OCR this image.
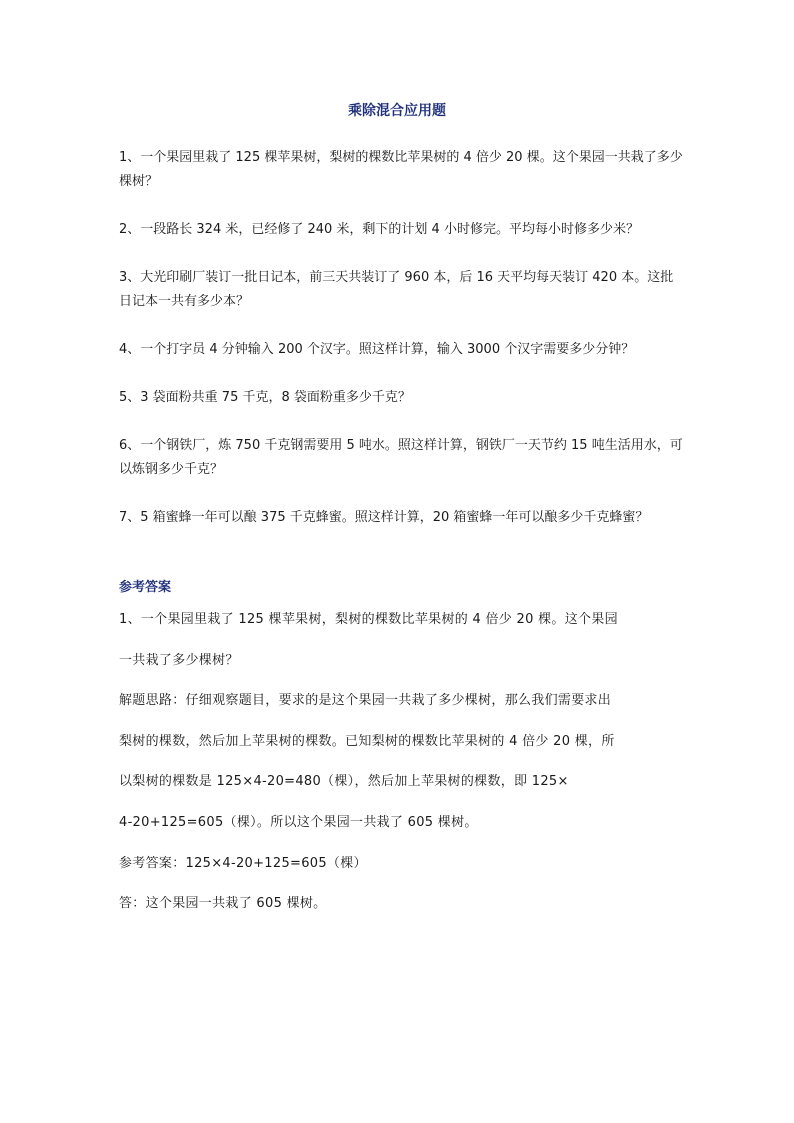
乘除混合应用题

1、一个果园里栽了 125 棵苹果树，梨树的棵数比苹果树的 4 倍少 20 棵。这个果园一共栽了多少棵树？

2、一段路长 324 米，已经修了 240 米，剩下的计划 4 小时修完。平均每小时修多少米？

3、大光印刷厂装订一批日记本，前三天共装订了 960 本，后 16 天平均每天装订 420 本。这批日记本一共有多少本？

4、一个打字员 4 分钟输入 200 个汉字。照这样计算，输入 3000 个汉字需要多少分钟？

5、3 袋面粉共重 75 千克，8 袋面粉重多少千克？

6、一个钢铁厂，炼 750 千克钢需要用 5 吨水。照这样计算，钢铁厂一天节约 15 吨生活用水，可以炼钢多少千克？

7、5 箱蜜蜂一年可以酿 375 千克蜂蜜。照这样计算，20 箱蜜蜂一年可以酿多少千克蜂蜜？

参考答案
1、一个果园里栽了 125 棵苹果树，梨树的棵数比苹果树的 4 倍少 20 棵。这个果园
一共栽了多少棵树？
解题思路：仔细观察题目，要求的是这个果园一共栽了多少棵树，那么我们需要求出
梨树的棵数，然后加上苹果树的棵数。已知梨树的棵数比苹果树的 4 倍少 20 棵，所
以梨树的棵数是 125×4-20=480（棵），然后加上苹果树的棵数，即 125×
4-20+125=605（棵）。所以这个果园一共栽了 605 棵树。
参考答案：125×4-20+125=605（棵）
答：这个果园一共栽了 605 棵树。
